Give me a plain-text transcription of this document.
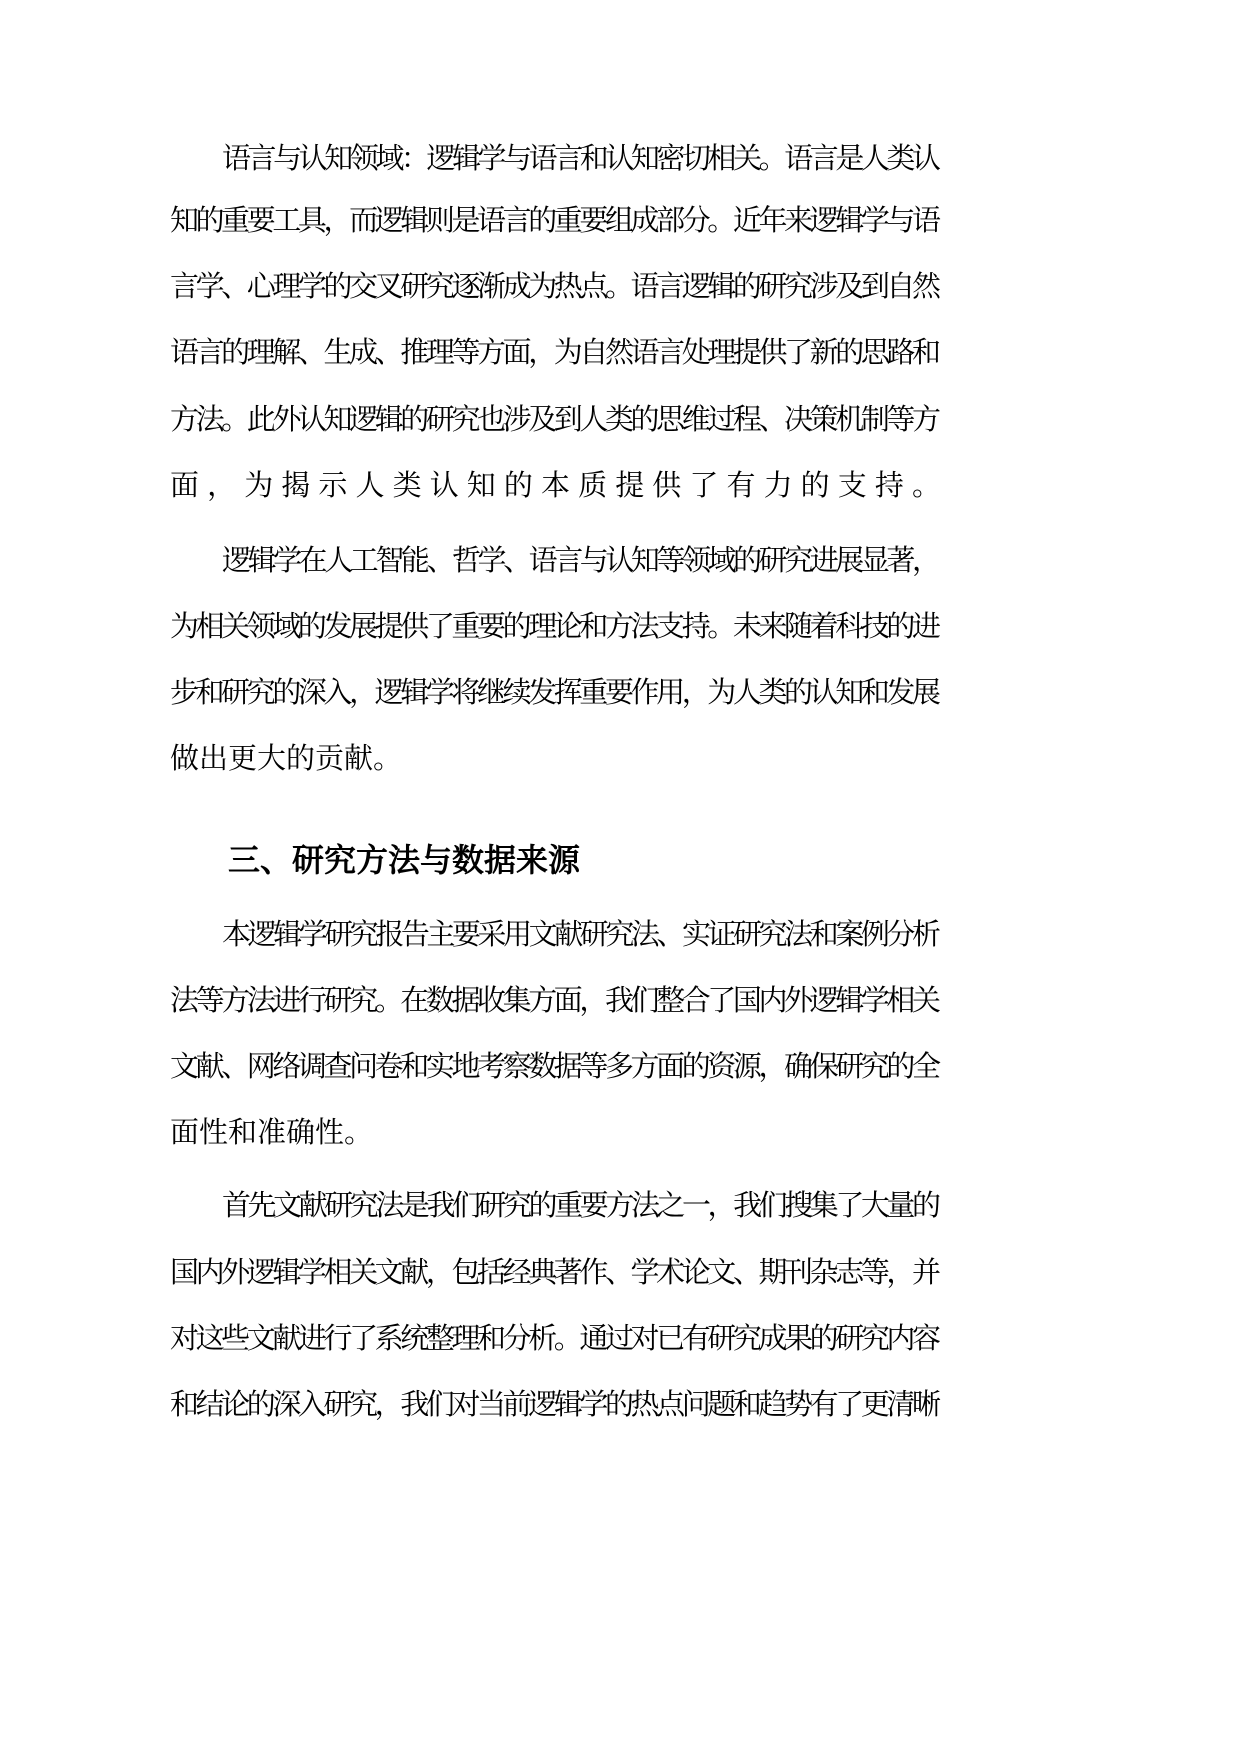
语言与认知领域：逻辑学与语言和认知密切相关。语言是人类认

知的重要工具，而逻辑则是语言的重要组成部分。近年来逻辑学与语

言学、心理学的交叉研究逐渐成为热点。语言逻辑的研究涉及到自然

语言的理解、生成、推理等方面，为自然语言处理提供了新的思路和

方法。此外认知逻辑的研究也涉及到人类的思维过程、决策机制等方

面，为揭示人类认知的本质提供了有力的支持。

逻辑学在人工智能、哲学、语言与认知等领域的研究进展显著，

为相关领域的发展提供了重要的理论和方法支持。未来随着科技的进

步和研究的深入，逻辑学将继续发挥重要作用，为人类的认知和发展

做出更大的贡献。

三、研究方法与数据来源

本逻辑学研究报告主要采用文献研究法、实证研究法和案例分析

法等方法进行研究。在数据收集方面，我们整合了国内外逻辑学相关

文献、网络调查问卷和实地考察数据等多方面的资源，确保研究的全

面性和准确性。

首先文献研究法是我们研究的重要方法之一，我们搜集了大量的

国内外逻辑学相关文献，包括经典著作、学术论文、期刊杂志等，并

对这些文献进行了系统整理和分析。通过对已有研究成果的研究内容

和结论的深入研究，我们对当前逻辑学的热点问题和趋势有了更清晰
